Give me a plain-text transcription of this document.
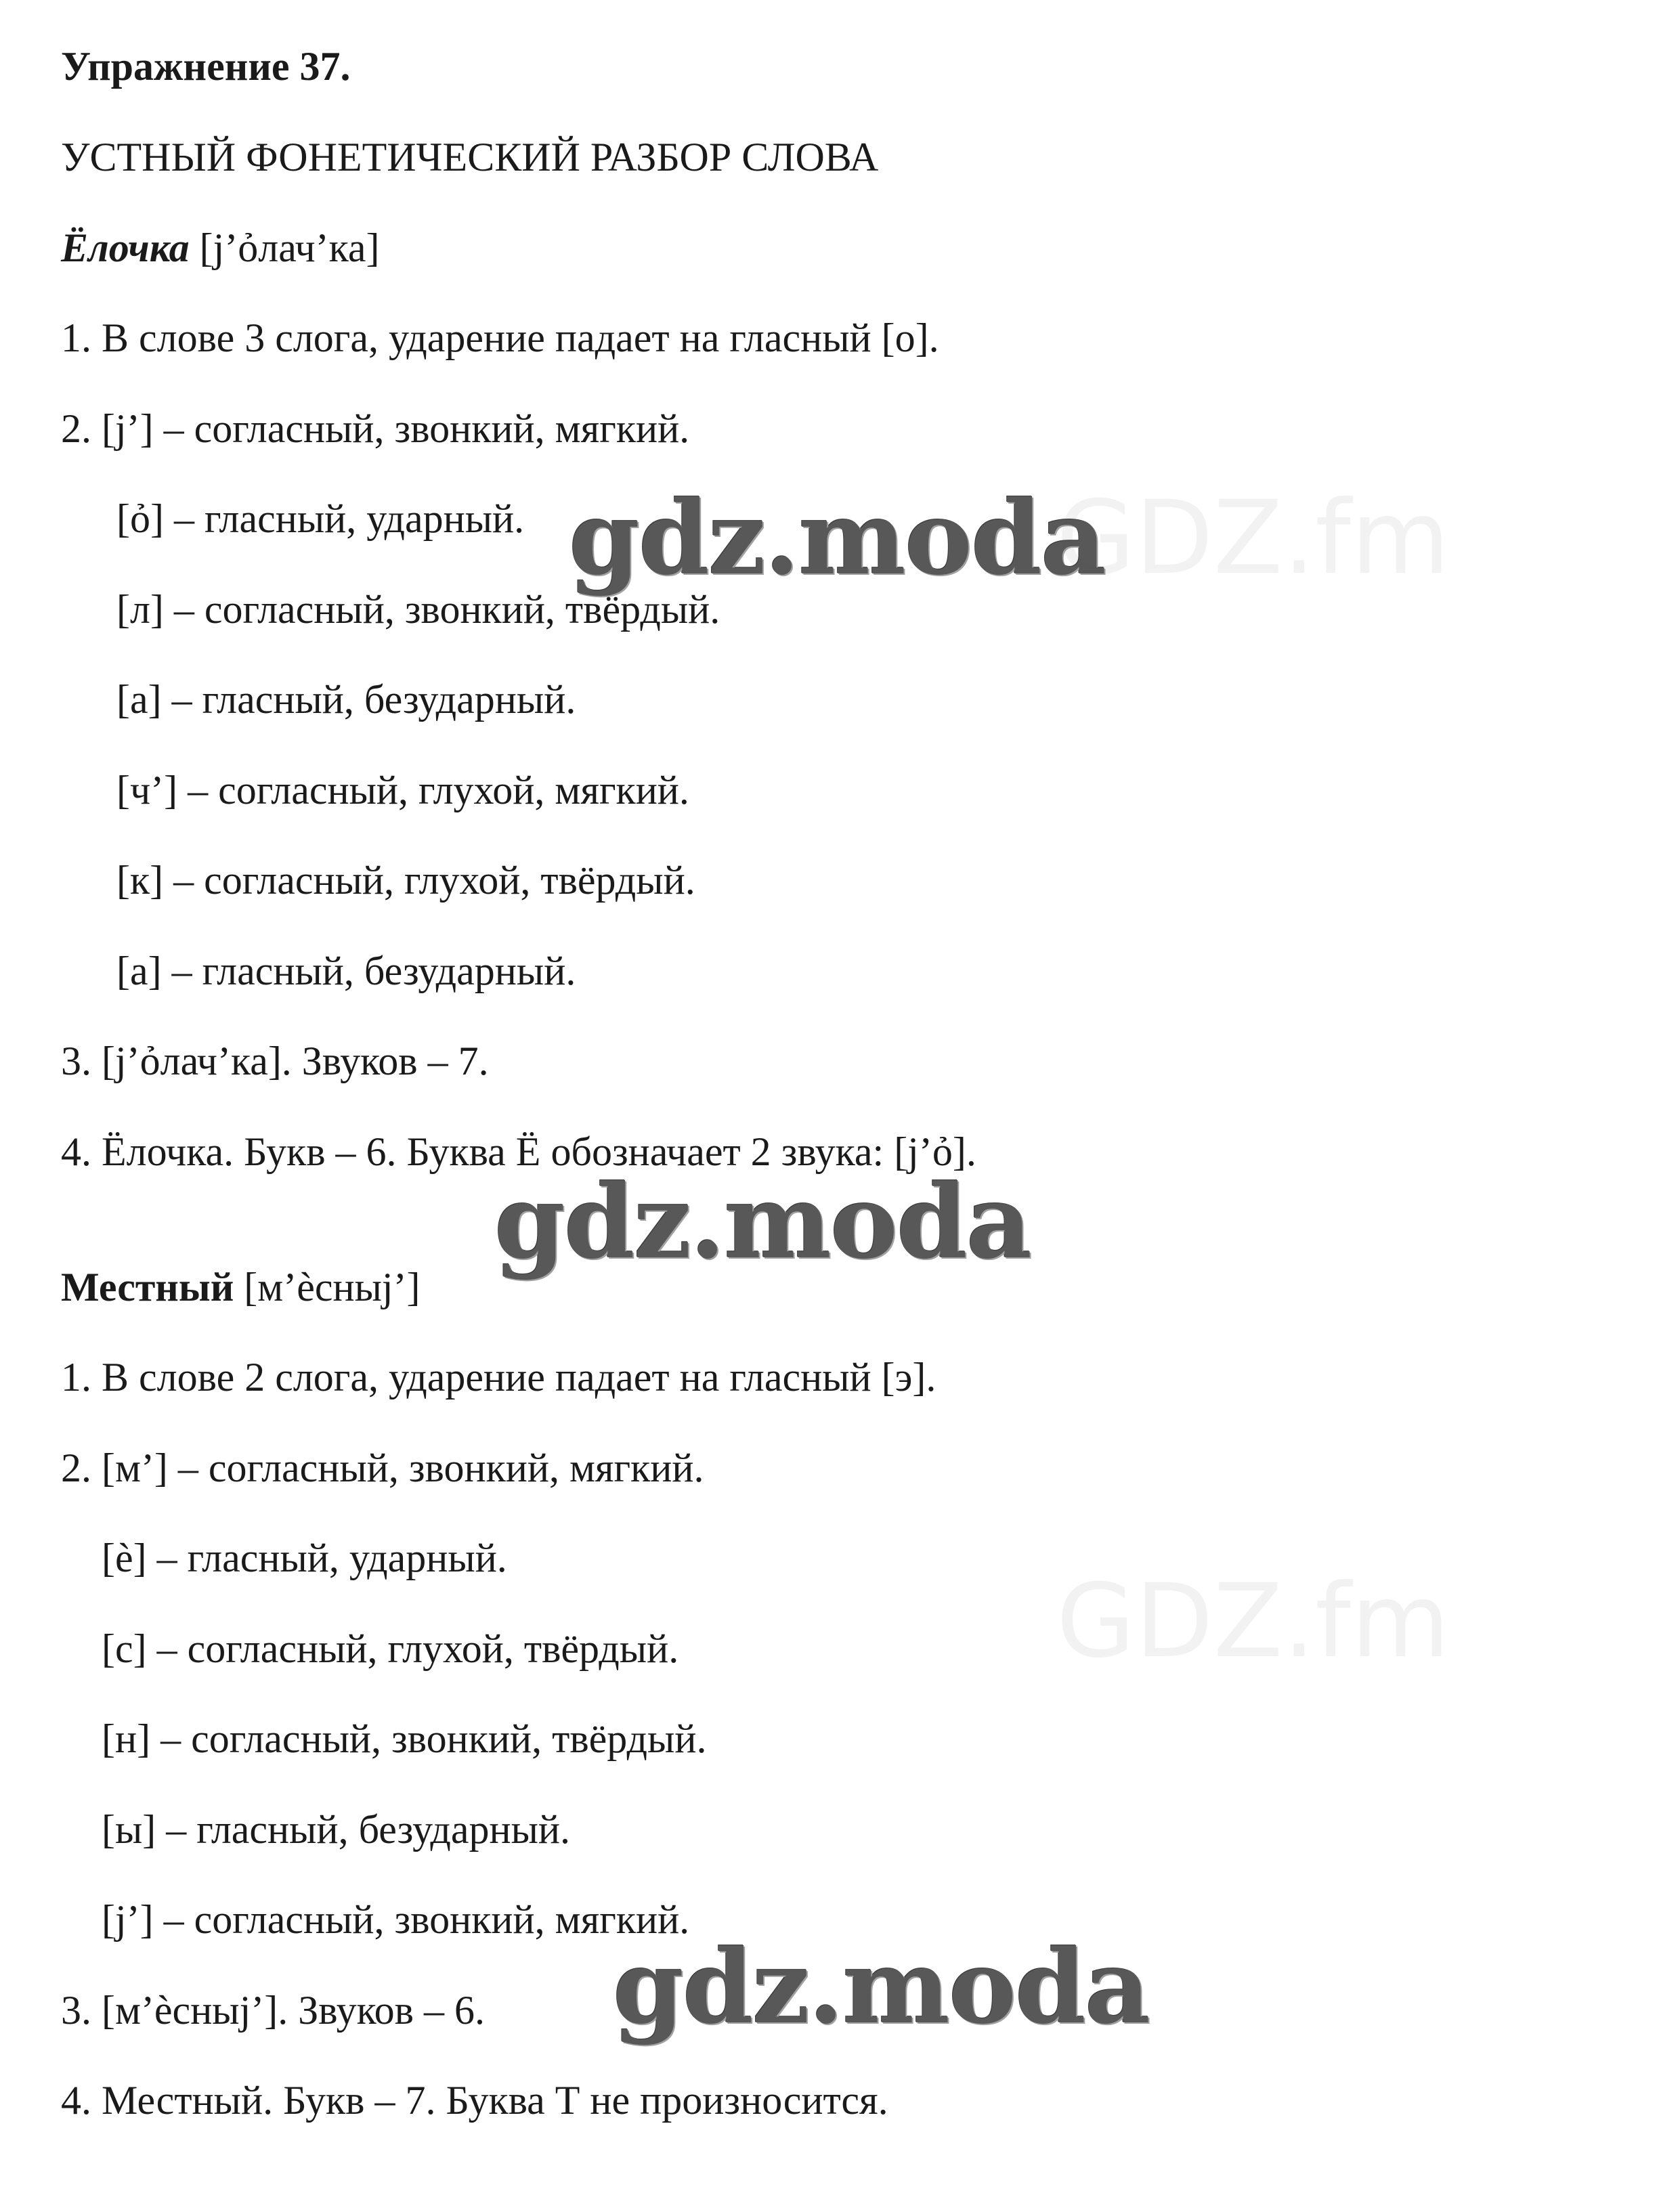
GDZ.fm
GDZ.fm
Упражнение 37.
УСТНЫЙ ФОНЕТИЧЕСКИЙ РАЗБОР СЛОВА
Ёлочка [j’ỏлач’ка]
1. В слове 3 слога, ударение падает на гласный [о].
2. [j’] – согласный, звонкий, мягкий.
[ỏ] – гласный, ударный.
[л] – согласный, звонкий, твёрдый.
[а] – гласный, безударный.
[ч’] – согласный, глухой, мягкий.
[к] – согласный, глухой, твёрдый.
[а] – гласный, безударный.
3. [j’ỏлач’ка]. Звуков – 7.
4. Ёлочка. Букв – 6. Буква Ё обозначает 2 звука: [j’ỏ].
Местный [м’ѐсныj’]
1. В слове 2 слога, ударение падает на гласный [э].
2. [м’] – согласный, звонкий, мягкий.
[ѐ] – гласный, ударный.
[с] – согласный, глухой, твёрдый.
[н] – согласный, звонкий, твёрдый.
[ы] – гласный, безударный.
[j’] – согласный, звонкий, мягкий.
3. [м’ѐсныj’]. Звуков – 6.
4. Местный. Букв – 7. Буква Т не произносится.
gdz.moda
gdz.moda
gdz.moda
